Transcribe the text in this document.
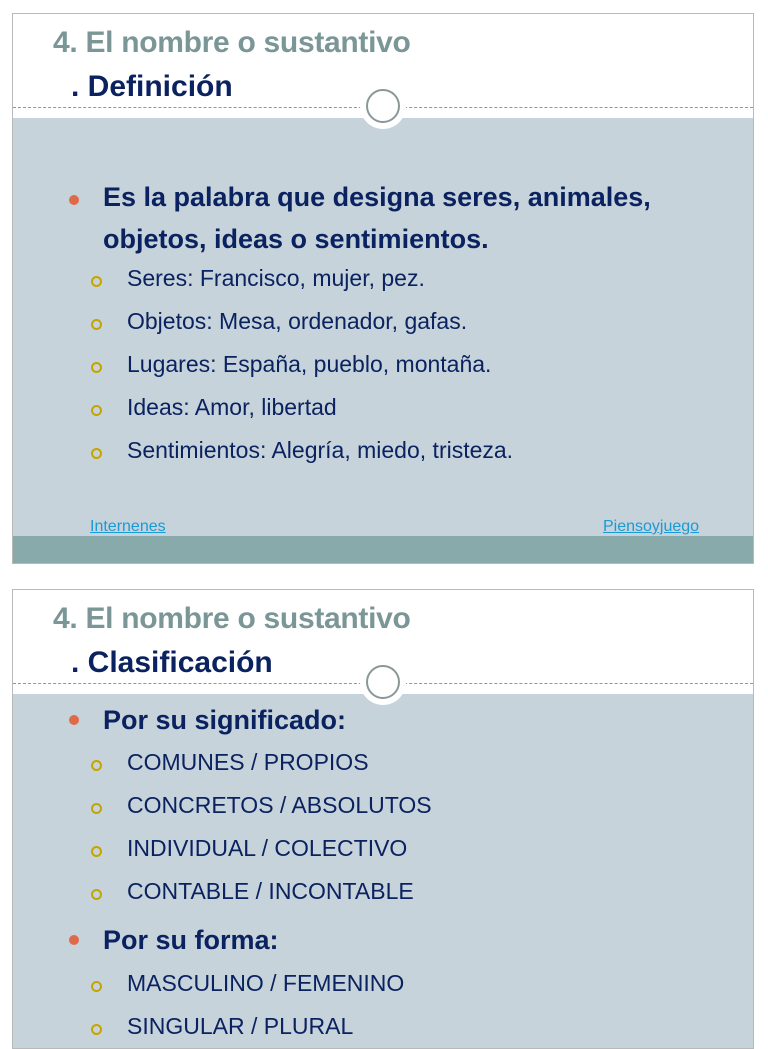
4. El nombre o sustantivo
. Definición
Es la palabra que designa seres, animales, objetos, ideas o sentimientos.
Seres: Francisco, mujer, pez.
Objetos: Mesa, ordenador, gafas.
Lugares: España, pueblo, montaña.
Ideas: Amor, libertad
Sentimientos: Alegría, miedo, tristeza.
Internenes	Piensoyjuego
4. El nombre o sustantivo
. Clasificación
Por su significado:
COMUNES / PROPIOS
CONCRETOS / ABSOLUTOS
INDIVIDUAL / COLECTIVO
CONTABLE / INCONTABLE
Por su forma:
MASCULINO / FEMENINO
SINGULAR / PLURAL
